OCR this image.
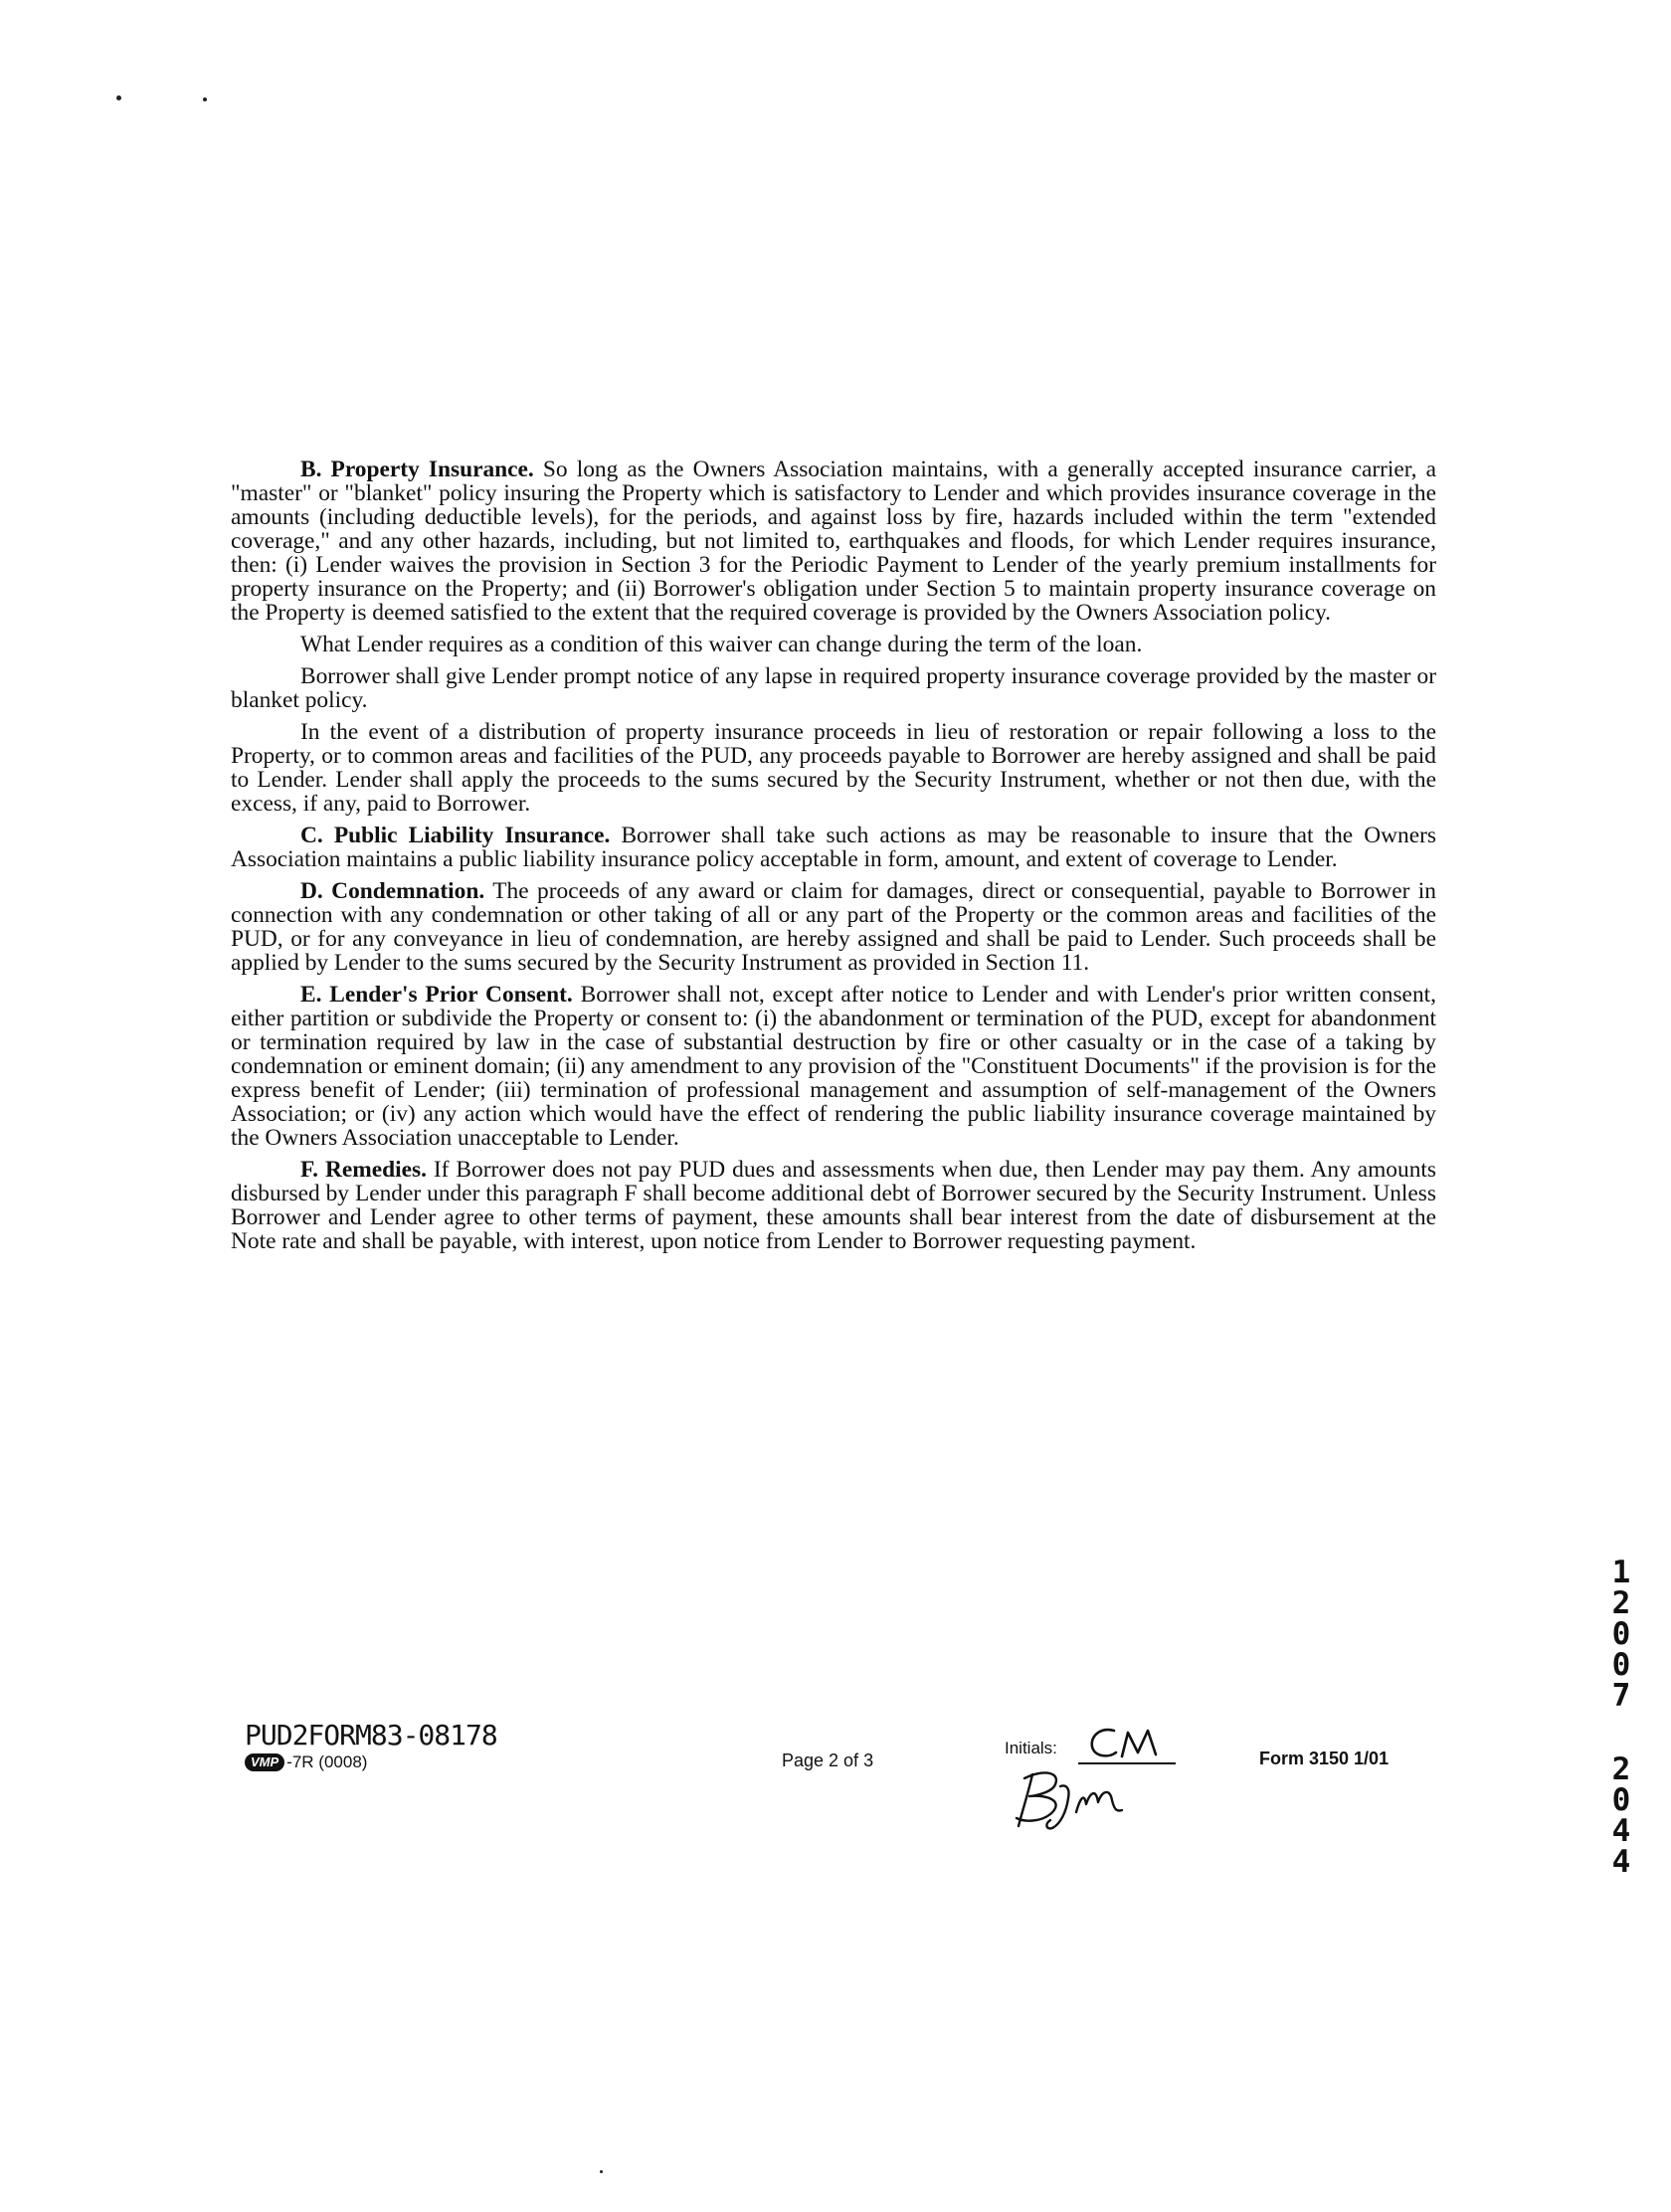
B. Property Insurance. So long as the Owners Association maintains, with a generally accepted insurance carrier, a "master" or "blanket" policy insuring the Property which is satisfactory to Lender and which provides insurance coverage in the amounts (including deductible levels), for the periods, and against loss by fire, hazards included within the term "extended coverage," and any other hazards, including, but not limited to, earthquakes and floods, for which Lender requires insurance, then: (i) Lender waives the provision in Section 3 for the Periodic Payment to Lender of the yearly premium installments for property insurance on the Property; and (ii) Borrower's obligation under Section 5 to maintain property insurance coverage on the Property is deemed satisfied to the extent that the required coverage is provided by the Owners Association policy.

What Lender requires as a condition of this waiver can change during the term of the loan.

Borrower shall give Lender prompt notice of any lapse in required property insurance coverage provided by the master or blanket policy.

In the event of a distribution of property insurance proceeds in lieu of restoration or repair following a loss to the Property, or to common areas and facilities of the PUD, any proceeds payable to Borrower are hereby assigned and shall be paid to Lender. Lender shall apply the proceeds to the sums secured by the Security Instrument, whether or not then due, with the excess, if any, paid to Borrower.

C. Public Liability Insurance. Borrower shall take such actions as may be reasonable to insure that the Owners Association maintains a public liability insurance policy acceptable in form, amount, and extent of coverage to Lender.

D. Condemnation. The proceeds of any award or claim for damages, direct or consequential, payable to Borrower in connection with any condemnation or other taking of all or any part of the Property or the common areas and facilities of the PUD, or for any conveyance in lieu of condemnation, are hereby assigned and shall be paid to Lender. Such proceeds shall be applied by Lender to the sums secured by the Security Instrument as provided in Section 11.

E. Lender's Prior Consent. Borrower shall not, except after notice to Lender and with Lender's prior written consent, either partition or subdivide the Property or consent to: (i) the abandonment or termination of the PUD, except for abandonment or termination required by law in the case of substantial destruction by fire or other casualty or in the case of a taking by condemnation or eminent domain; (ii) any amendment to any provision of the "Constituent Documents" if the provision is for the express benefit of Lender; (iii) termination of professional management and assumption of self-management of the Owners Association; or (iv) any action which would have the effect of rendering the public liability insurance coverage maintained by the Owners Association unacceptable to Lender.

F. Remedies. If Borrower does not pay PUD dues and assessments when due, then Lender may pay them. Any amounts disbursed by Lender under this paragraph F shall become additional debt of Borrower secured by the Security Instrument. Unless Borrower and Lender agree to other terms of payment, these amounts shall bear interest from the date of disbursement at the Note rate and shall be payable, with interest, upon notice from Lender to Borrower requesting payment.

PUD2FORM83-08178
VMP -7R (0008)	Page 2 of 3
Initials:
Form 3150 1/01
1
2
0
0
7
2
0
4
4
